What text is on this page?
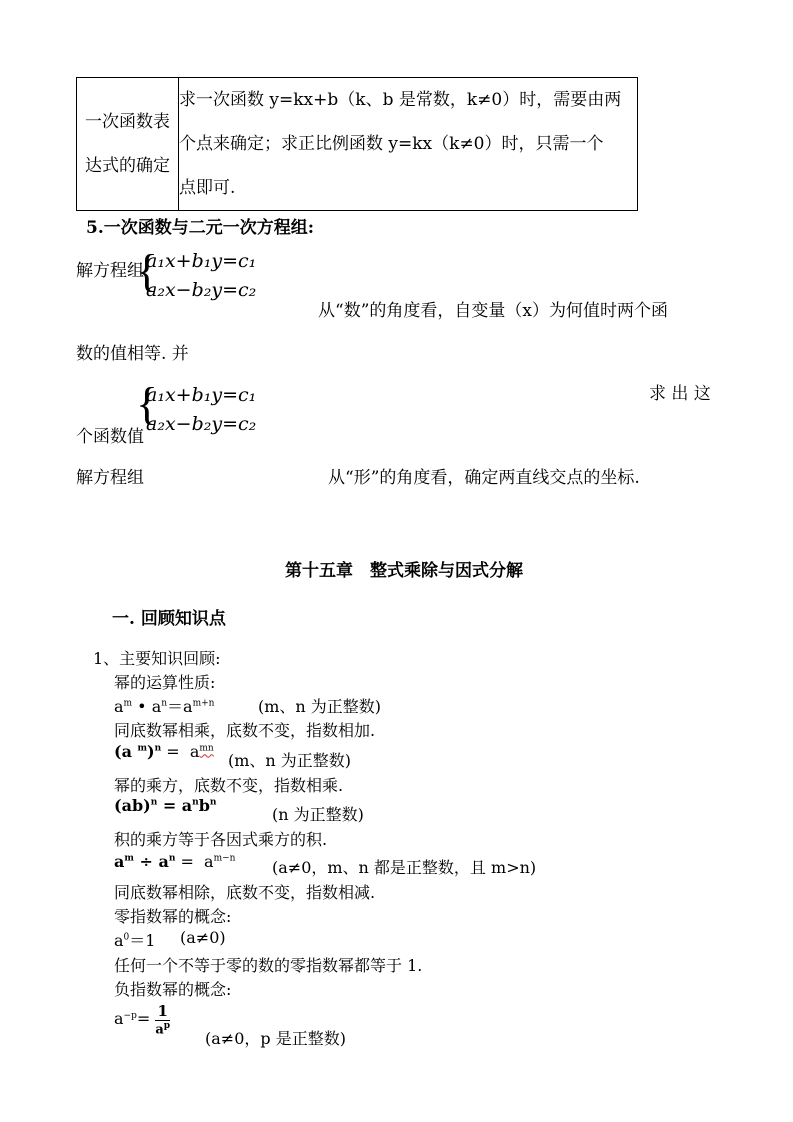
一次函数表达式的确定	
求一次函数 y=kx+b（k、b 是常数，k≠0）时，需要由两
个点来确定；求正比例函数 y=kx（k≠0）时，只需一个
点即可.
5.一次函数与二元一次方程组:
解方程组
{
a₁x+b₁y=c₁
a₂x−b₂y=c₂
从“数”的角度看，自变量（x）为何值时两个函
数的值相等. 并
{
a₁x+b₁y=c₁
a₂x−b₂y=c₂
求 出 这
个函数值
解方程组	从“形”的角度看，确定两直线交点的坐标.
第十五章　整式乘除与因式分解
一. 回顾知识点
1、主要知识回顾:
幂的运算性质:
$a^m$ • $a^n=a^{m+n}$	(m、n 为正整数)
同底数幂相乘，底数不变，指数相加.
(a $^m)^n = a^{mn}$
(m、n 为正整数)
幂的乘方，底数不变，指数相乘.
$(ab)^n = a^nb^n$
(n 为正整数)
积的乘方等于各因式乘方的积.
$a^m \div a^n = a^{m-n}$ (a≠0，m、n 都是正整数，且 m>n)
同底数幂相除，底数不变，指数相减.
零指数幂的概念:
$a^0=1$ (a≠0)
任何一个不等于零的数的零指数幂都等于 1.
负指数幂的概念:
$a^{-p}= \frac{1}{a^p}$
(a≠0，p 是正整数)
